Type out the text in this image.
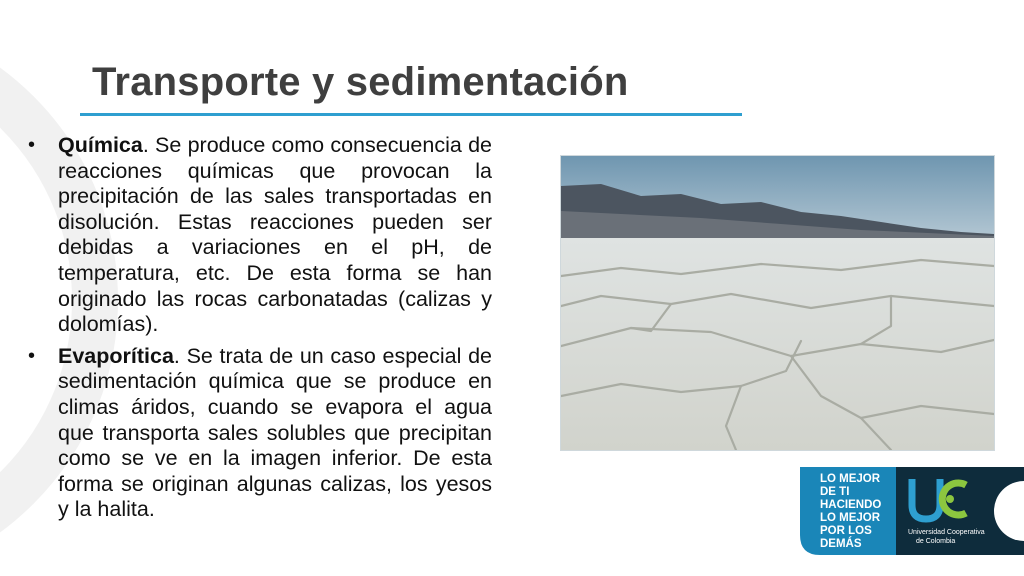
Transporte y sedimentación
•	Química. Se produce como consecuencia de reacciones químicas que provocan la precipitación de las sales transportadas en disolución. Estas reacciones pueden ser debidas a variaciones en el pH, de temperatura, etc. De esta forma se han originado las rocas carbonatadas (calizas y dolomías).
•	Evaporítica. Se trata de un caso especial de sedimentación química que se produce en climas áridos, cuando se evapora el agua que transporta sales solubles que precipitan como se ve en la imagen inferior. De esta forma se originan algunas calizas, los yesos y la halita.
LO MEJOR
DE TI
HACIENDO
LO MEJOR
POR LOS
DEMÁS
Universidad Cooperativa
de Colombia
